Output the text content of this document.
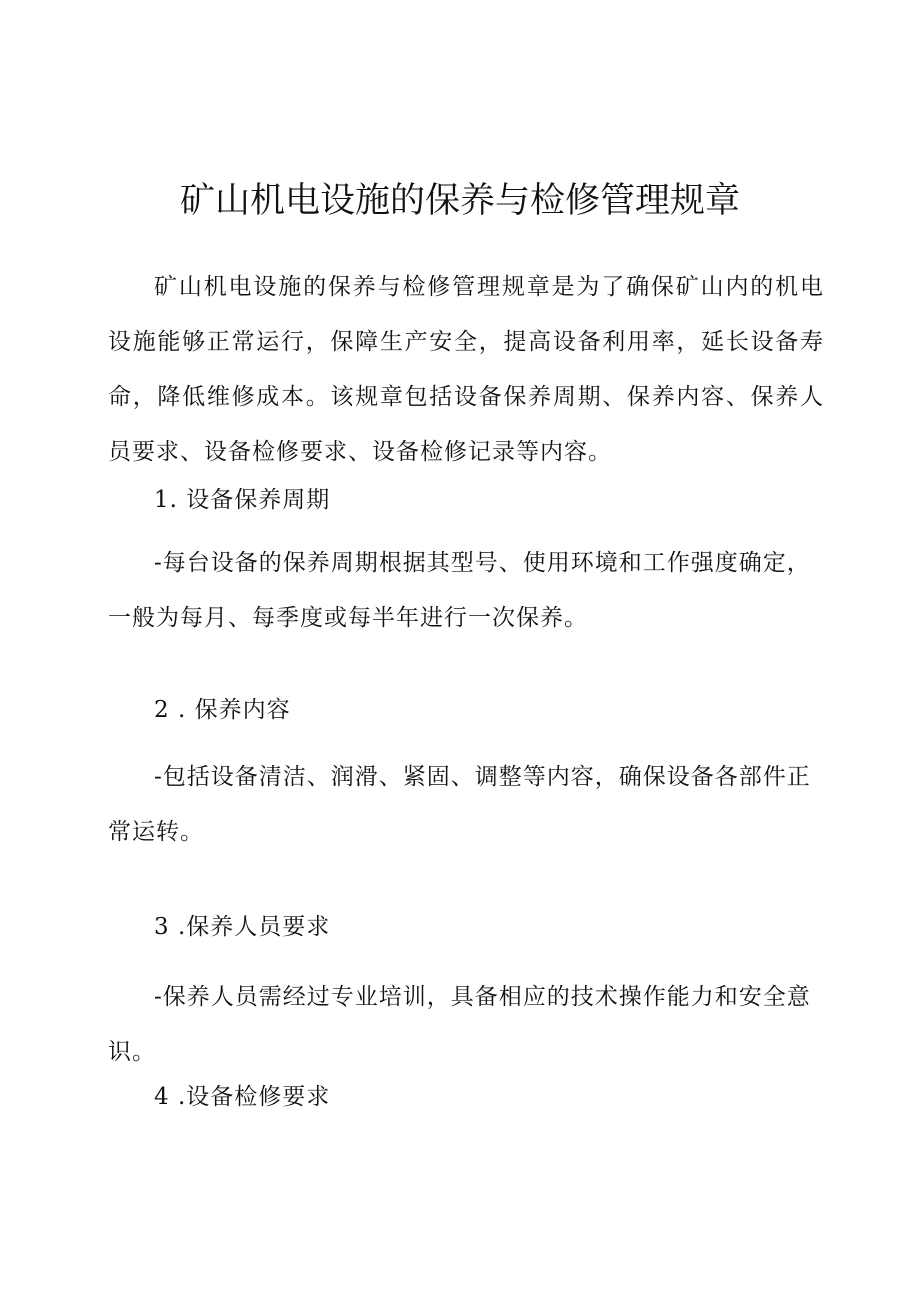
矿山机电设施的保养与检修管理规章

矿山机电设施的保养与检修管理规章是为了确保矿山内的机电设施能够正常运行，保障生产安全，提高设备利用率，延长设备寿命，降低维修成本。该规章包括设备保养周期、保养内容、保养人员要求、设备检修要求、设备检修记录等内容。

1. 设备保养周期

-每台设备的保养周期根据其型号、使用环境和工作强度确定，一般为每月、每季度或每半年进行一次保养。

2 . 保养内容

-包括设备清洁、润滑、紧固、调整等内容，确保设备各部件正常运转。

3 .保养人员要求

-保养人员需经过专业培训，具备相应的技术操作能力和安全意识。

4 .设备检修要求
